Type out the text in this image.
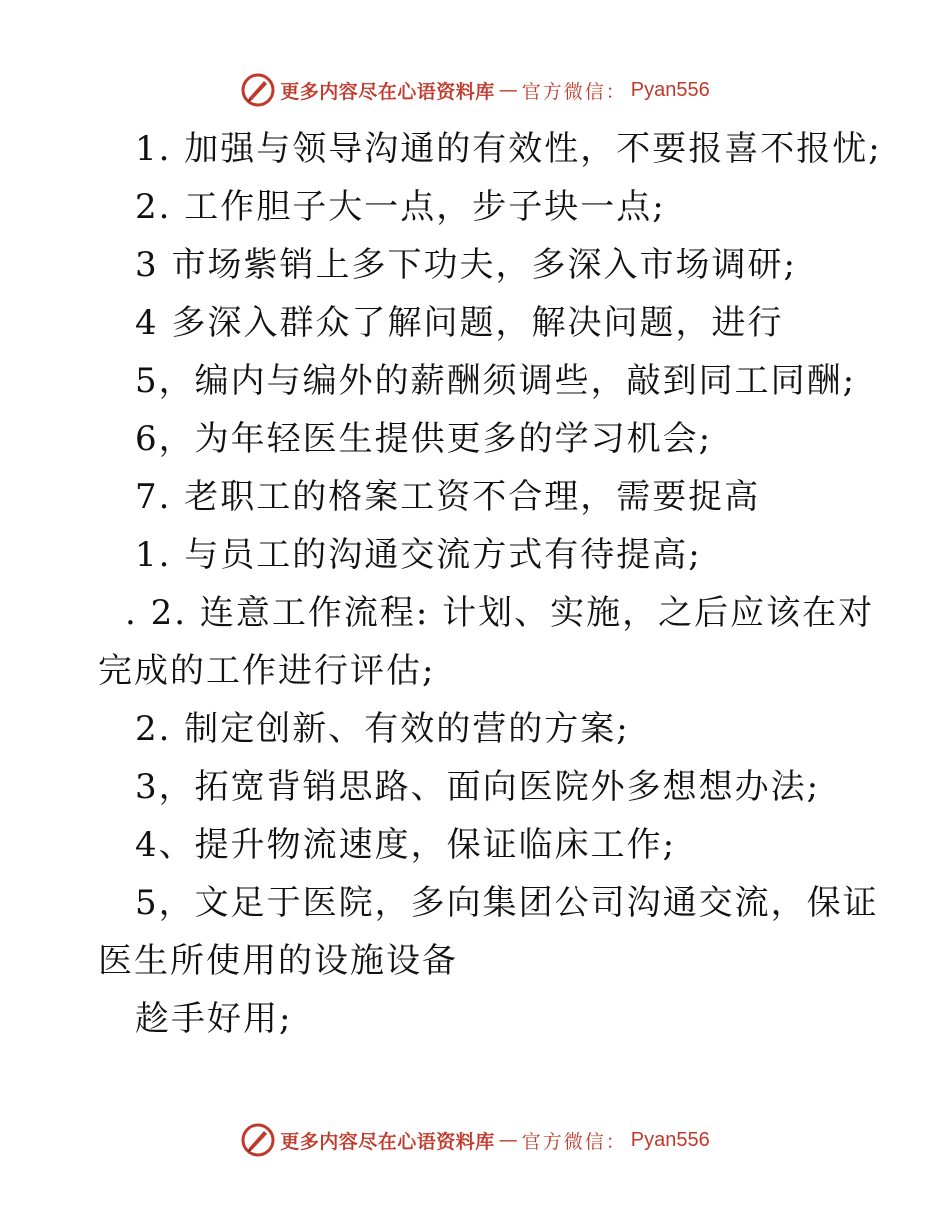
更多内容尽在心语资料库 — 官方微信： Pyan556
1. 加强与领导沟通的有效性，不要报喜不报忧;
2. 工作胆子大一点，步子块一点;
3 市场紫销上多下功夫，多深入市场调研;
4 多深入群众了解问题，解决问题，进行
5，编内与编外的薪酬须调些，敲到同工同酬;
6，为年轻医生提供更多的学习机会;
7. 老职工的格案工资不合理，需要捉高
1. 与员工的沟通交流方式有待提高;
. 2. 连意工作流程: 计划、实施，之后应该在对
完成的工作进行评估;
2. 制定创新、有效的营的方案;
3，拓宽背销思路、面向医院外多想想办法;
4、提升物流速度，保证临床工作;
5，文足于医院，多向集团公司沟通交流，保证
医生所使用的设施设备
趁手好用;
更多内容尽在心语资料库 — 官方微信： Pyan556
